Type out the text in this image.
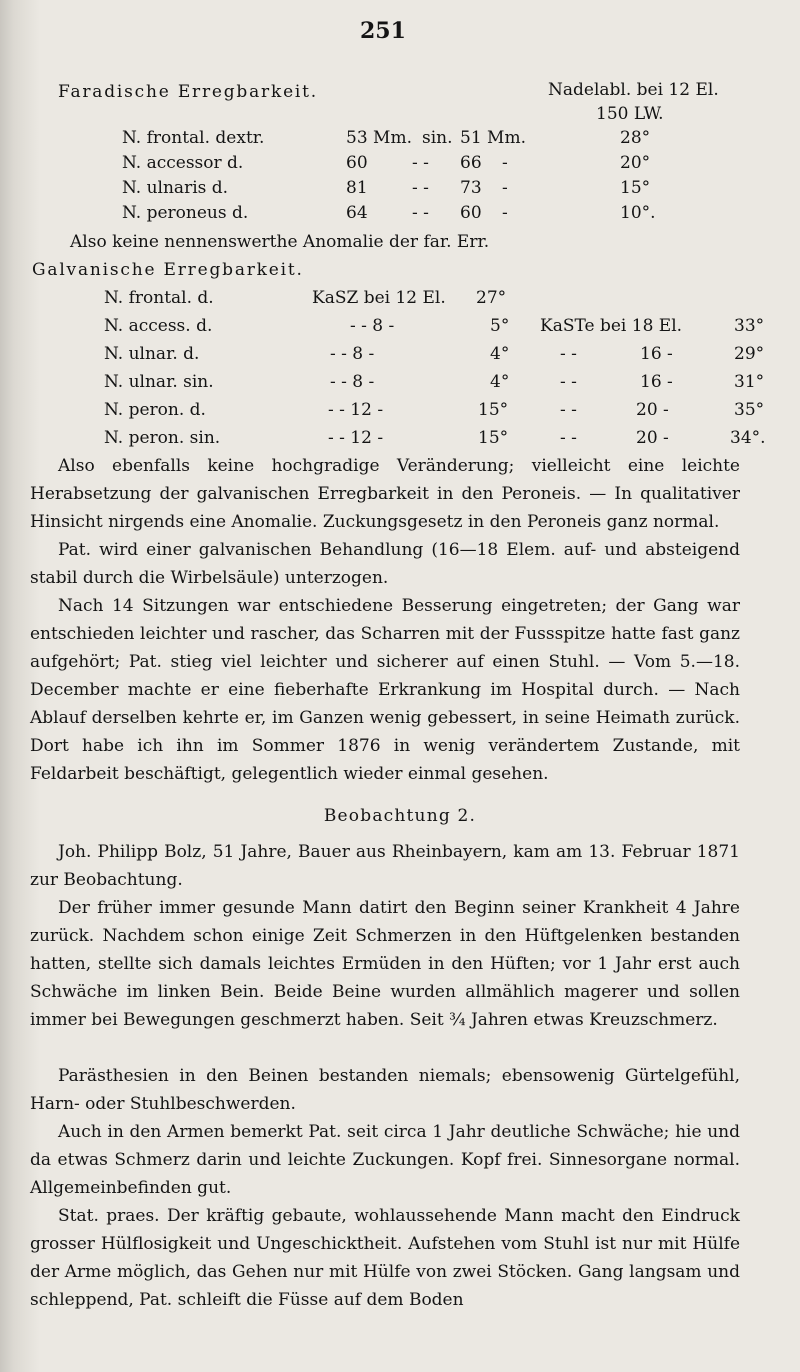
251
Faradische Erregbarkeit.	Nadelabl. bei 12 El.
150 LW.
N. frontal. dextr.	53 Mm. sin. 51 Mm.	28°
N. accessor d.	60	- - 66 -	20°
N. ulnaris d.	81	- - 73 -	15°
N. peroneus d.	64	- - 60 -	10°.
Also keine nennenswerthe Anomalie der far. Err.
Galvanische Erregbarkeit.
N. frontal. d.	KaSZ bei 12 El. 27°
N. access. d.	- - 8 -	5° KaSTe bei 18 El.	33°
N. ulnar. d.	- - 8 -	4°	- -	16 -	29°
N. ulnar. sin.	- - 8 -	4°	- -	16 -	31°
N. peron. d.	- - 12 -	15°	- -	20 -	35°
N. peron. sin.	- - 12 -	15°	- -	20 -	34°.
Also ebenfalls keine hochgradige Veränderung; vielleicht eine leichte Herabsetzung der galvanischen Erregbarkeit in den Peroneis. — In qualitativer Hinsicht nirgends eine Anomalie. Zuckungsgesetz in den Peroneis ganz normal.
Pat. wird einer galvanischen Behandlung (16—18 Elem. auf- und absteigend stabil durch die Wirbelsäule) unterzogen.
Nach 14 Sitzungen war entschiedene Besserung eingetreten; der Gang war entschieden leichter und rascher, das Scharren mit der Fussspitze hatte fast ganz aufgehört; Pat. stieg viel leichter und sicherer auf einen Stuhl. — Vom 5.—18. December machte er eine fieberhafte Erkrankung im Hospital durch. — Nach Ablauf derselben kehrte er, im Ganzen wenig gebessert, in seine Heimath zurück. Dort habe ich ihn im Sommer 1876 in wenig verändertem Zustande, mit Feldarbeit beschäftigt, gelegentlich wieder einmal gesehen.
Beobachtung 2.
Joh. Philipp Bolz, 51 Jahre, Bauer aus Rheinbayern, kam am 13. Februar 1871 zur Beobachtung.
Der früher immer gesunde Mann datirt den Beginn seiner Krankheit 4 Jahre zurück. Nachdem schon einige Zeit Schmerzen in den Hüftgelenken bestanden hatten, stellte sich damals leichtes Ermüden in den Hüften; vor 1 Jahr erst auch Schwäche im linken Bein. Beide Beine wurden allmählich magerer und sollen immer bei Bewegungen geschmerzt haben. Seit ¾ Jahren etwas Kreuzschmerz.
Parästhesien in den Beinen bestanden niemals; ebensowenig Gürtelgefühl, Harn- oder Stuhlbeschwerden.
Auch in den Armen bemerkt Pat. seit circa 1 Jahr deutliche Schwäche; hie und da etwas Schmerz darin und leichte Zuckungen. Kopf frei. Sinnesorgane normal. Allgemeinbefinden gut.
Stat. praes. Der kräftig gebaute, wohlaussehende Mann macht den Eindruck grosser Hülflosigkeit und Ungeschicktheit. Aufstehen vom Stuhl ist nur mit Hülfe der Arme möglich, das Gehen nur mit Hülfe von zwei Stöcken. Gang langsam und schleppend, Pat. schleift die Füsse auf dem Boden
